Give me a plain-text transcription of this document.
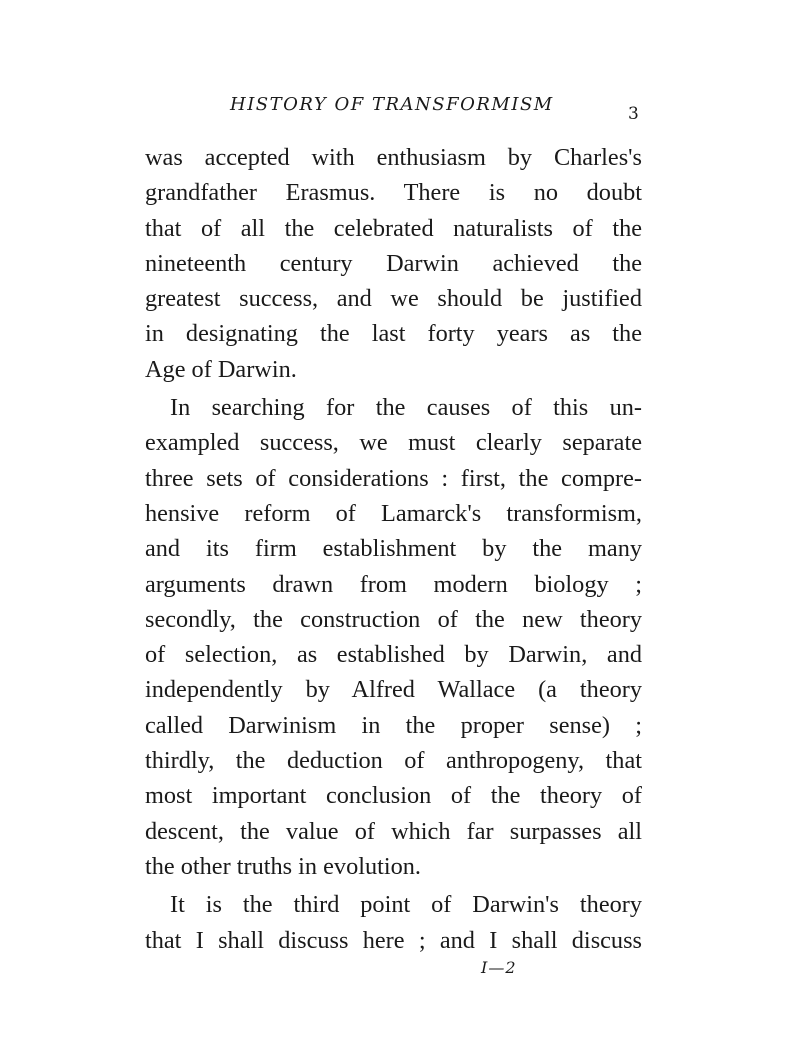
HISTORY OF TRANSFORMISM	3
was accepted with enthusiasm by Charles's
grandfather Erasmus. There is no doubt
that of all the celebrated naturalists of the
nineteenth century Darwin achieved the
greatest success, and we should be justified
in designating the last forty years as the
Age of Darwin.
In searching for the causes of this un-
exampled success, we must clearly separate
three sets of considerations : first, the compre-
hensive reform of Lamarck's transformism,
and its firm establishment by the many
arguments drawn from modern biology ;
secondly, the construction of the new theory
of selection, as established by Darwin, and
independently by Alfred Wallace (a theory
called Darwinism in the proper sense) ;
thirdly, the deduction of anthropogeny, that
most important conclusion of the theory of
descent, the value of which far surpasses all
the other truths in evolution.
It is the third point of Darwin's theory
that I shall discuss here ; and I shall discuss
I—2
